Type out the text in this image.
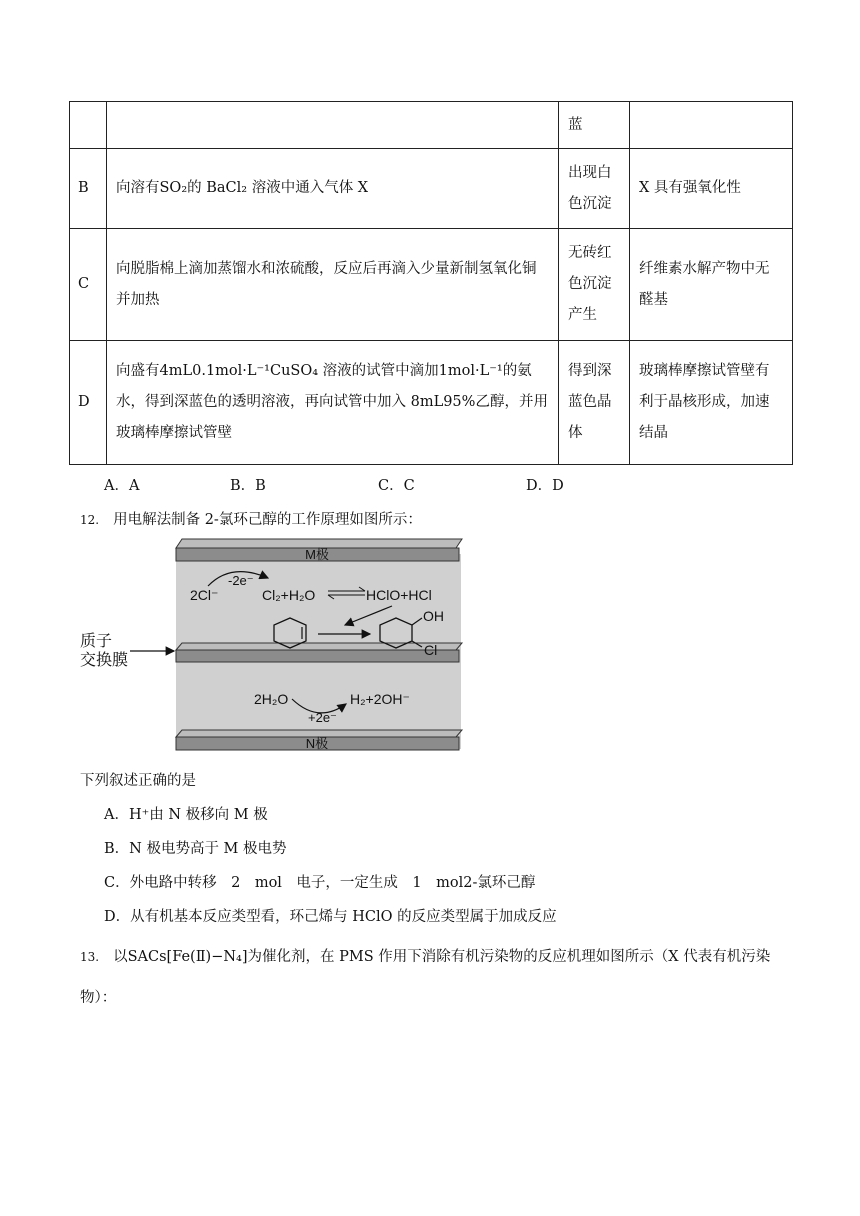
		蓝	
B	向溶有SO₂的 BaCl₂ 溶液中通入气体 X	出现白色沉淀	X 具有强氧化性
C	向脱脂棉上滴加蒸馏水和浓硫酸，反应后再滴入少量新制氢氧化铜并加热	无砖红色沉淀产生	纤维素水解产物中无醛基
D	向盛有4mL0.1mol·L⁻¹CuSO₄ 溶液的试管中滴加1mol·L⁻¹的氨水，得到深蓝色的透明溶液，再向试管中加入 8mL95%乙醇，并用玻璃棒摩擦试管壁	得到深蓝色晶体	玻璃棒摩擦试管壁有利于晶核形成，加速结晶
A．A	B．B	C．C	D．D
12. 用电解法制备 2-氯环己醇的工作原理如图所示：
M极
N极
质子
交换膜
-2e⁻
2Cl⁻	Cl₂+H₂O	HClO+HCl
OH
Cl
2H₂O
+2e⁻
H₂+2OH⁻
下列叙述正确的是
A．H⁺由 N 极移向 M 极
B．N 极电势高于 M 极电势
C．外电路中转移　2　mol　电子，一定生成　1　mol2-氯环己醇
D．从有机基本反应类型看，环己烯与 HClO 的反应类型属于加成反应
13. 以SACs[Fe(Ⅱ)−N₄]为催化剂，在 PMS 作用下消除有机污染物的反应机理如图所示（X 代表有机污染物）：
